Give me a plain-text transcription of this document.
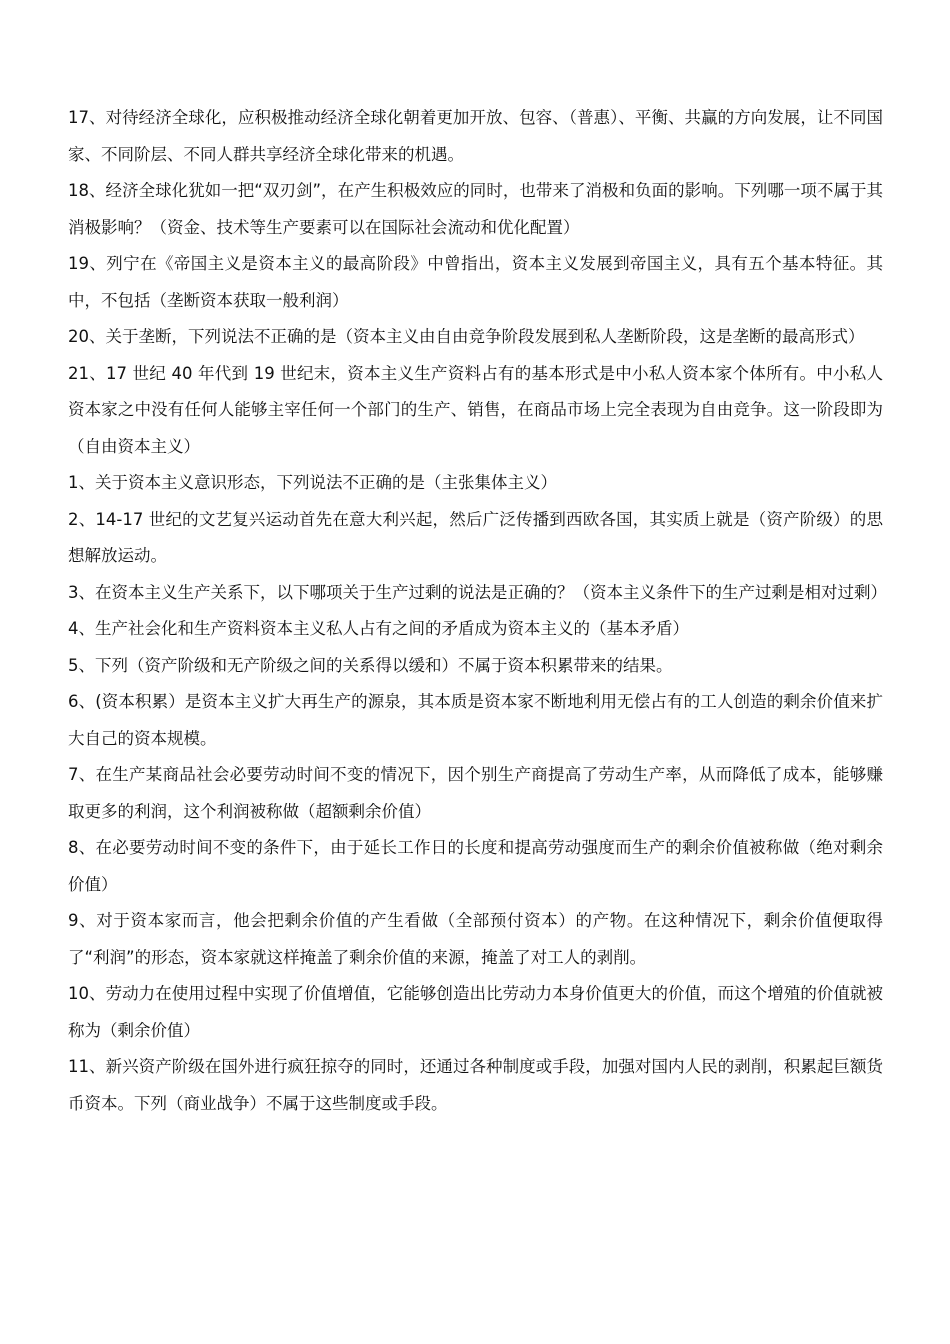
17、对待经济全球化，应积极推动经济全球化朝着更加开放、包容、（普惠）、平衡、共赢的方向发展，让不同国家、不同阶层、不同人群共享经济全球化带来的机遇。

18、经济全球化犹如一把“双刃剑”，在产生积极效应的同时，也带来了消极和负面的影响。下列哪一项不属于其消极影响？（资金、技术等生产要素可以在国际社会流动和优化配置）

19、列宁在《帝国主义是资本主义的最高阶段》中曾指出，资本主义发展到帝国主义，具有五个基本特征。其中，不包括（垄断资本获取一般利润）

20、关于垄断，下列说法不正确的是（资本主义由自由竞争阶段发展到私人垄断阶段，这是垄断的最高形式）

21、17 世纪 40 年代到 19 世纪末，资本主义生产资料占有的基本形式是中小私人资本家个体所有。中小私人资本家之中没有任何人能够主宰任何一个部门的生产、销售，在商品市场上完全表现为自由竞争。这一阶段即为（自由资本主义）

1、关于资本主义意识形态，下列说法不正确的是（主张集体主义）

2、14-17 世纪的文艺复兴运动首先在意大利兴起，然后广泛传播到西欧各国，其实质上就是（资产阶级）的思想解放运动。

3、在资本主义生产关系下，以下哪项关于生产过剩的说法是正确的？（资本主义条件下的生产过剩是相对过剩）

4、生产社会化和生产资料资本主义私人占有之间的矛盾成为资本主义的（基本矛盾）

5、下列（资产阶级和无产阶级之间的关系得以缓和）不属于资本积累带来的结果。

6、(资本积累）是资本主义扩大再生产的源泉，其本质是资本家不断地利用无偿占有的工人创造的剩余价值来扩大自己的资本规模。

7、在生产某商品社会必要劳动时间不变的情况下，因个别生产商提高了劳动生产率，从而降低了成本，能够赚取更多的利润，这个利润被称做（超额剩余价值）

8、在必要劳动时间不变的条件下，由于延长工作日的长度和提高劳动强度而生产的剩余价值被称做（绝对剩余价值）

9、对于资本家而言，他会把剩余价值的产生看做（全部预付资本）的产物。在这种情况下，剩余价值便取得了“利润”的形态，资本家就这样掩盖了剩余价值的来源，掩盖了对工人的剥削。

10、劳动力在使用过程中实现了价值增值，它能够创造出比劳动力本身价值更大的价值，而这个增殖的价值就被称为（剩余价值）

11、新兴资产阶级在国外进行疯狂掠夺的同时，还通过各种制度或手段，加强对国内人民的剥削，积累起巨额货币资本。下列（商业战争）不属于这些制度或手段。
